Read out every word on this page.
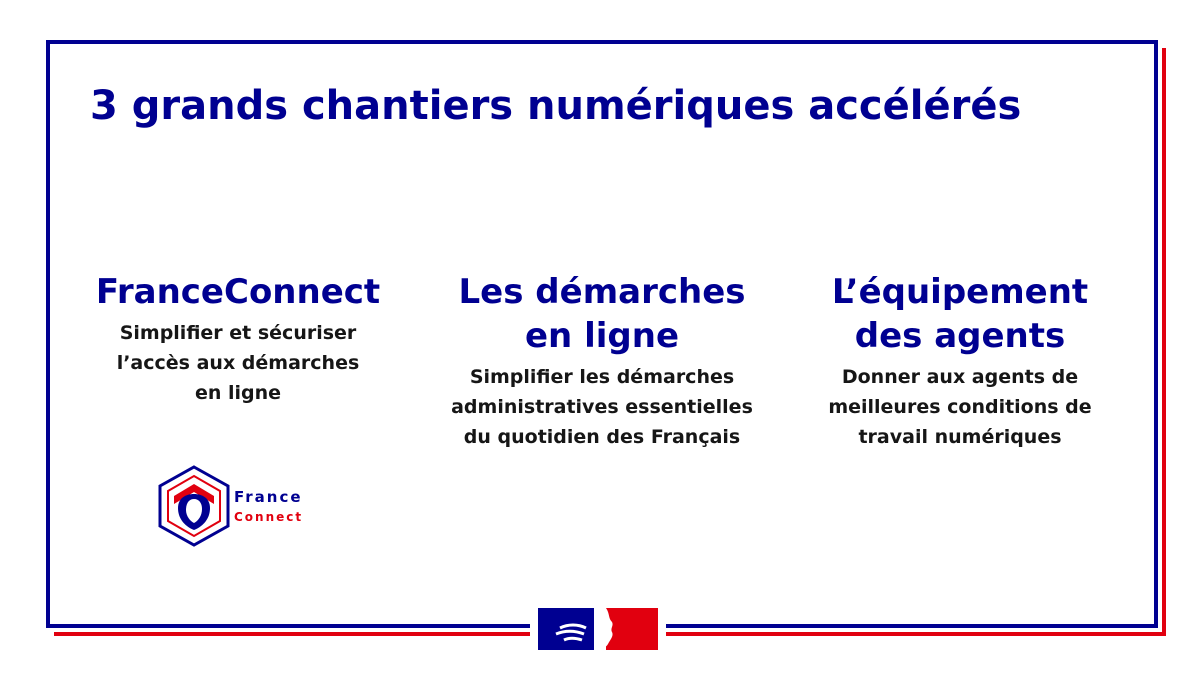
3 grands chantiers numériques accélérés
FranceConnect

Simplifier et sécuriser
l’accès aux démarches
en ligne

Les démarches
en ligne

Simplifier les démarches
administratives essentielles
du quotidien des Français

L’équipement
des agents

Donner aux agents de
meilleures conditions de
travail numériques

France
Connect
